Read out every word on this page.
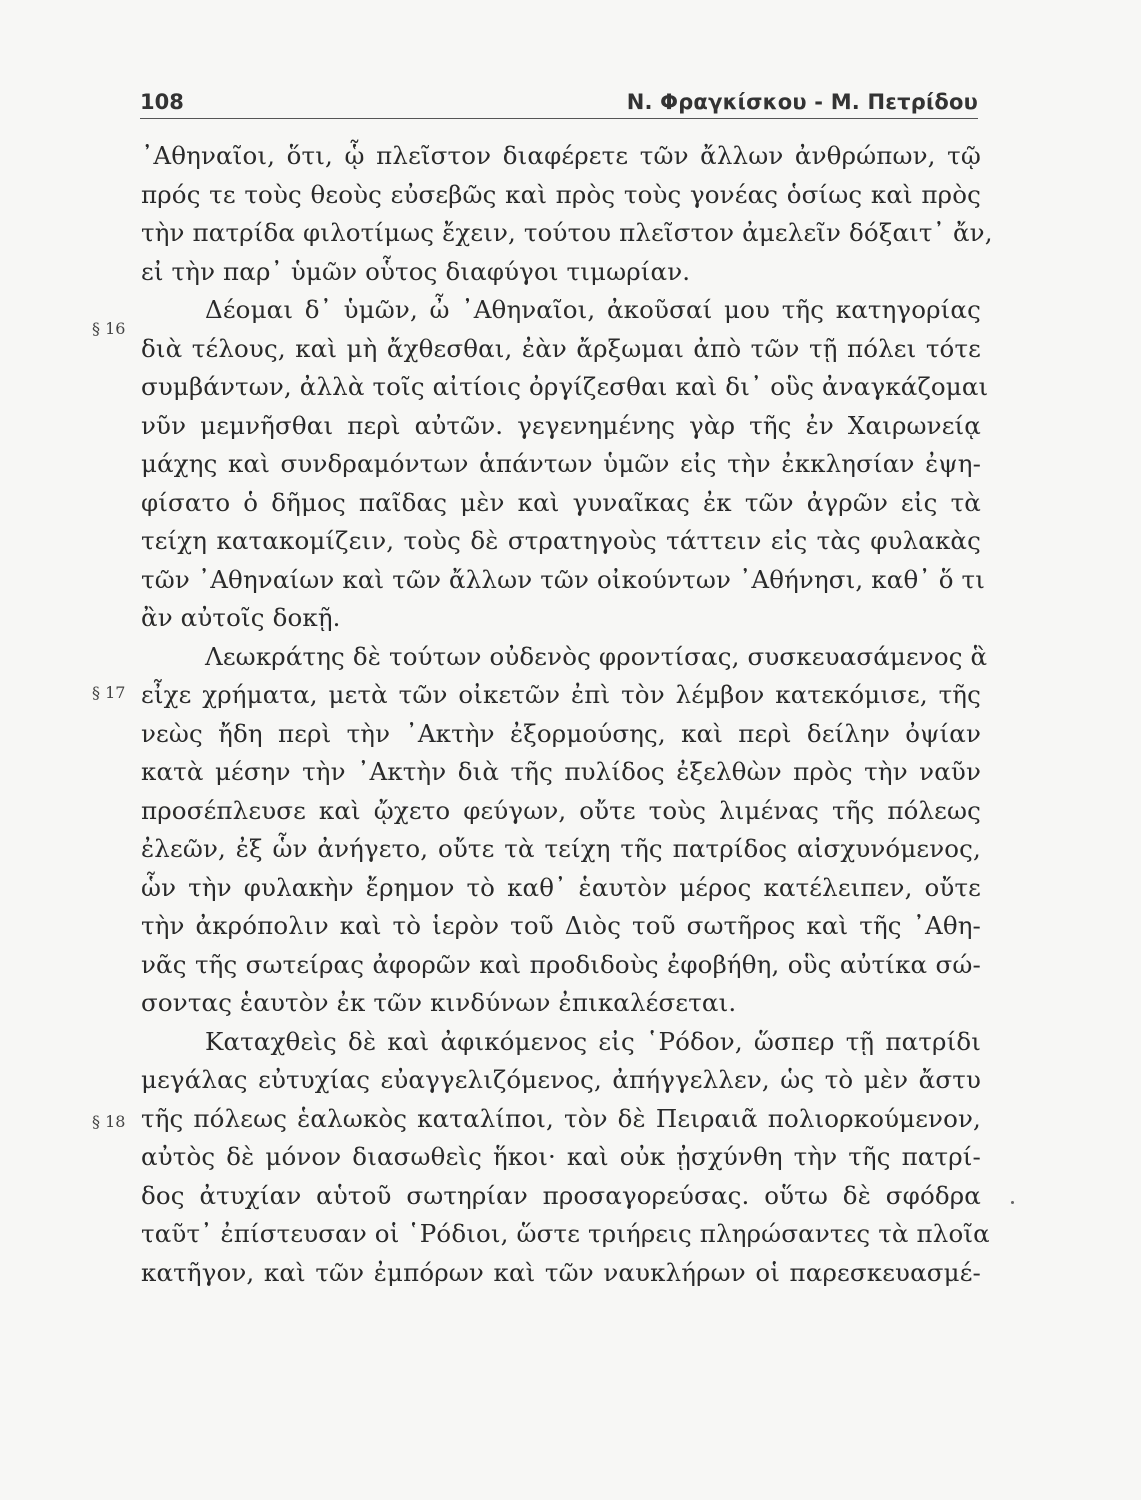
108	Ν. Φραγκίσκου - Μ. Πετρίδου
§ 16
§ 17
§ 18
᾿Αθηναῖοι, ὅτι, ᾧ πλεῖστον διαφέρετε τῶν ἄλλων ἀνθρώπων, τῷ
πρός τε τοὺς θεοὺς εὐσεβῶς καὶ πρὸς τοὺς γονέας ὁσίως καὶ πρὸς
τὴν πατρίδα φιλοτίμως ἔχειν, τούτου πλεῖστον ἀμελεῖν δόξαιτ᾿ ἄν,
εἰ τὴν παρ᾿ ὑμῶν οὗτος διαφύγοι τιμωρίαν.
Δέομαι δ᾿ ὑμῶν, ὦ ᾿Αθηναῖοι, ἀκοῦσαί μου τῆς κατηγορίας
διὰ τέλους, καὶ μὴ ἄχθεσθαι, ἐὰν ἄρξωμαι ἀπὸ τῶν τῇ πόλει τότε
συμβάντων, ἀλλὰ τοῖς αἰτίοις ὀργίζεσθαι καὶ δι᾿ οὓς ἀναγκάζομαι
νῦν μεμνῆσθαι περὶ αὐτῶν. γεγενημένης γὰρ τῆς ἐν Χαιρωνείᾳ
μάχης καὶ συνδραμόντων ἁπάντων ὑμῶν εἰς τὴν ἐκκλησίαν ἐψη-
φίσατο ὁ δῆμος παῖδας μὲν καὶ γυναῖκας ἐκ τῶν ἀγρῶν εἰς τὰ
τείχη κατακομίζειν, τοὺς δὲ στρατηγοὺς τάττειν εἰς τὰς φυλακὰς
τῶν ᾿Αθηναίων καὶ τῶν ἄλλων τῶν οἰκούντων ᾿Αθήνησι, καθ᾿ ὅ τι
ἂν αὐτοῖς δοκῇ.
Λεωκράτης δὲ τούτων οὐδενὸς φροντίσας, συσκευασάμενος ἃ
εἶχε χρήματα, μετὰ τῶν οἰκετῶν ἐπὶ τὸν λέμβον κατεκόμισε, τῆς
νεὼς ἤδη περὶ τὴν ᾿Ακτὴν ἐξορμούσης, καὶ περὶ δείλην ὀψίαν
κατὰ μέσην τὴν ᾿Ακτὴν διὰ τῆς πυλίδος ἐξελθὼν πρὸς τὴν ναῦν
προσέπλευσε καὶ ᾤχετο φεύγων, οὔτε τοὺς λιμένας τῆς πόλεως
ἐλεῶν, ἐξ ὧν ἀνήγετο, οὔτε τὰ τείχη τῆς πατρίδος αἰσχυνόμενος,
ὧν τὴν φυλακὴν ἔρημον τὸ καθ᾿ ἑαυτὸν μέρος κατέλειπεν, οὔτε
τὴν ἀκρόπολιν καὶ τὸ ἱερὸν τοῦ Διὸς τοῦ σωτῆρος καὶ τῆς ᾿Αθη-
νᾶς τῆς σωτείρας ἀφορῶν καὶ προδιδοὺς ἐφοβήθη, οὓς αὐτίκα σώ-
σοντας ἑαυτὸν ἐκ τῶν κινδύνων ἐπικαλέσεται.
Καταχθεὶς δὲ καὶ ἀφικόμενος εἰς ῾Ρόδον, ὥσπερ τῇ πατρίδι
μεγάλας εὐτυχίας εὐαγγελιζόμενος, ἀπήγγελλεν, ὡς τὸ μὲν ἄστυ
τῆς πόλεως ἑαλωκὸς καταλίποι, τὸν δὲ Πειραιᾶ πολιορκούμενον,
αὐτὸς δὲ μόνον διασωθεὶς ἥκοι· καὶ οὐκ ᾐσχύνθη τὴν τῆς πατρί-
δος ἀτυχίαν αὑτοῦ σωτηρίαν προσαγορεύσας. οὕτω δὲ σφόδρα
ταῦτ᾿ ἐπίστευσαν οἱ ῾Ρόδιοι, ὥστε τριήρεις πληρώσαντες τὰ πλοῖα
κατῆγον, καὶ τῶν ἐμπόρων καὶ τῶν ναυκλήρων οἱ παρεσκευασμέ-
